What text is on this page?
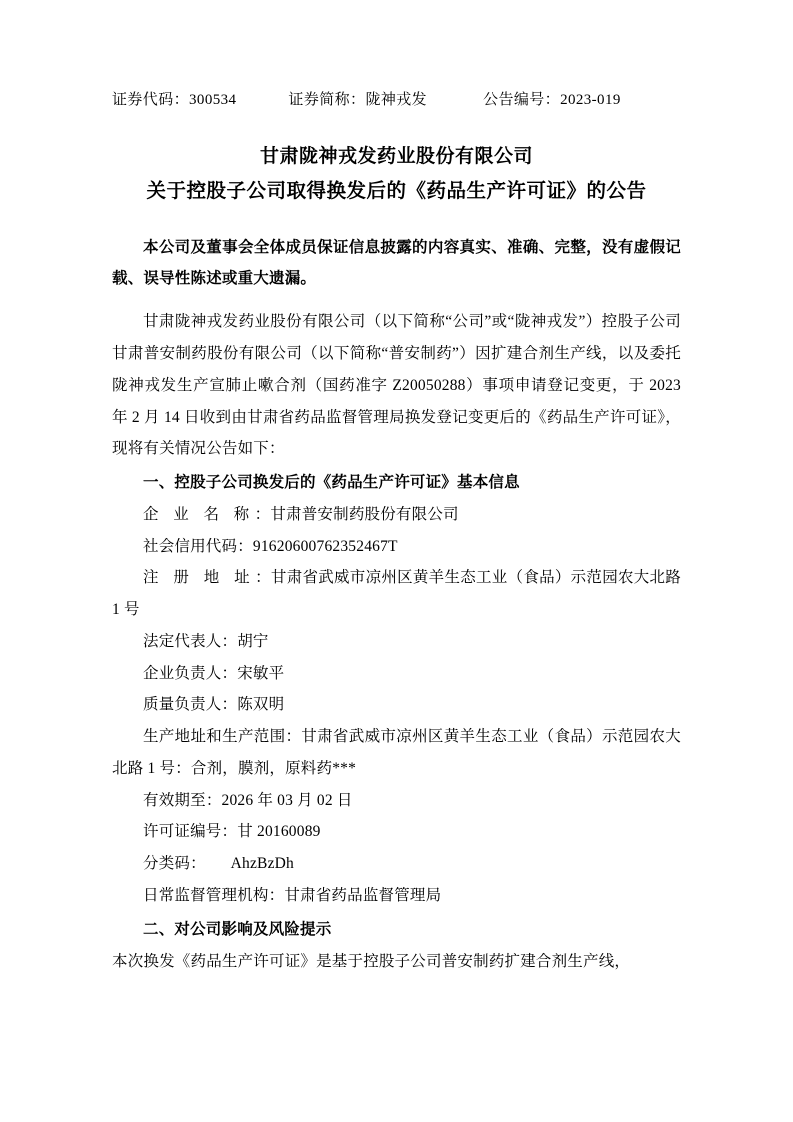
证券代码：300534	证券简称：陇神戎发	公告编号：2023-019
甘肃陇神戎发药业股份有限公司
关于控股子公司取得换发后的《药品生产许可证》的公告
本公司及董事会全体成员保证信息披露的内容真实、准确、完整，没有虚假记载、误导性陈述或重大遗漏。
甘肃陇神戎发药业股份有限公司（以下简称“公司”或“陇神戎发”）控股子公司甘肃普安制药股份有限公司（以下简称“普安制药”）因扩建合剂生产线，以及委托陇神戎发生产宣肺止嗽合剂（国药准字 Z20050288）事项申请登记变更，于 2023 年 2 月 14 日收到由甘肃省药品监督管理局换发登记变更后的《药品生产许可证》，现将有关情况公告如下：
一、控股子公司换发后的《药品生产许可证》基本信息
企 业 名 称：甘肃普安制药股份有限公司
社会信用代码：91620600762352467T
注 册 地 址：甘肃省武威市凉州区黄羊生态工业（食品）示范园农大北路 1 号
法定代表人：胡宁
企业负责人：宋敏平
质量负责人：陈双明
生产地址和生产范围：甘肃省武威市凉州区黄羊生态工业（食品）示范园农大北路 1 号：合剂，膜剂，原料药***
有效期至：2026 年 03 月 02 日
许可证编号：甘 20160089
分类码： AhzBzDh
日常监督管理机构：甘肃省药品监督管理局
二、对公司影响及风险提示
本次换发《药品生产许可证》是基于控股子公司普安制药扩建合剂生产线，
